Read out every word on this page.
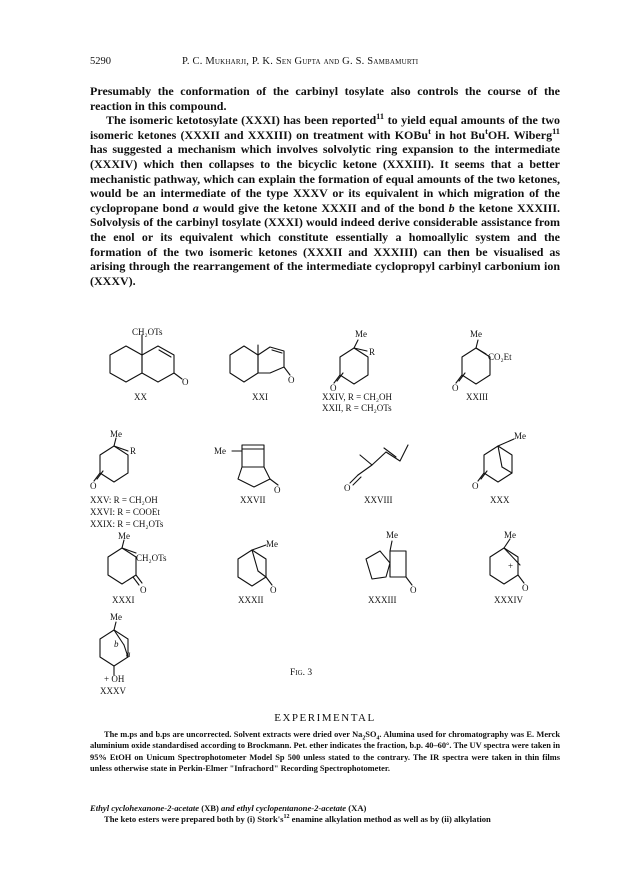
5290	P. C. Mukharji, P. K. Sen Gupta and G. S. Sambamurti

Presumably the conformation of the carbinyl tosylate also controls the course of the reaction in this compound.

The isomeric ketotosylate (XXXI) has been reported$^{11}$ to yield equal amounts of the two isomeric ketones (XXXII and XXXIII) on treatment with KOBu$^t$ in hot Bu$^t$OH. Wiberg$^{11}$ has suggested a mechanism which involves solvolytic ring expansion to the intermediate (XXXIV) which then collapses to the bicyclic ketone (XXXIII). It seems that a better mechanistic pathway, which can explain the formation of equal amounts of the two ketones, would be an intermediate of the type XXXV or its equivalent in which migration of the cyclopropane bond a would give the ketone XXXII and of the bond b the ketone XXXIII. Solvolysis of the carbinyl tosylate (XXXI) would indeed derive considerable assistance from the enol or its equivalent which constitute essentially a homoallylic system and the formation of the two isomeric ketones (XXXII and XXXIII) can then be visualised as arising through the rearrangement of the intermediate cyclopropyl carbinyl carbonium ion (XXXV).

O
CH₂OTs
XX
O
XXI
O
Me
R
XXIV, R = CH₂OH
XXII, R = CH₂OTs
O
Me
CO₂Et
XXIII
O
Me
R
XXV: R = CH₂OH
XXVI: R = COOEt
XXIX: R = CH₂OTs
O
Me
XXVII
O
XXVIII
O
Me
XXX
O
Me
CH₂OTs
XXXI
O
Me
XXXII
O
Me
XXXIII
O
Me
+
XXXIV
Me
b
a
+ OH
XXXV
Fig. 3
EXPERIMENTAL

The m.ps and b.ps are uncorrected. Solvent extracts were dried over $Na_2SO_4$. Alumina used for chromatography was E. Merck aluminium oxide standardised according to Brockmann. Pet. ether indicates the fraction, b.p. 40–60°. The UV spectra were taken in 95% EtOH on Unicum Spectrophotometer Model Sp 500 unless stated to the contrary. The IR spectra were taken in thin films unless otherwise state in Perkin-Elmer "Infrachord" Recording Spectrophotometer.

Ethyl cyclohexanone-2-acetate (XB) and ethyl cyclopentanone-2-acetate (XA)

The keto esters were prepared both by (i) $Stork's^{12}$ enamine alkylation method as well as by (ii) alkylation
